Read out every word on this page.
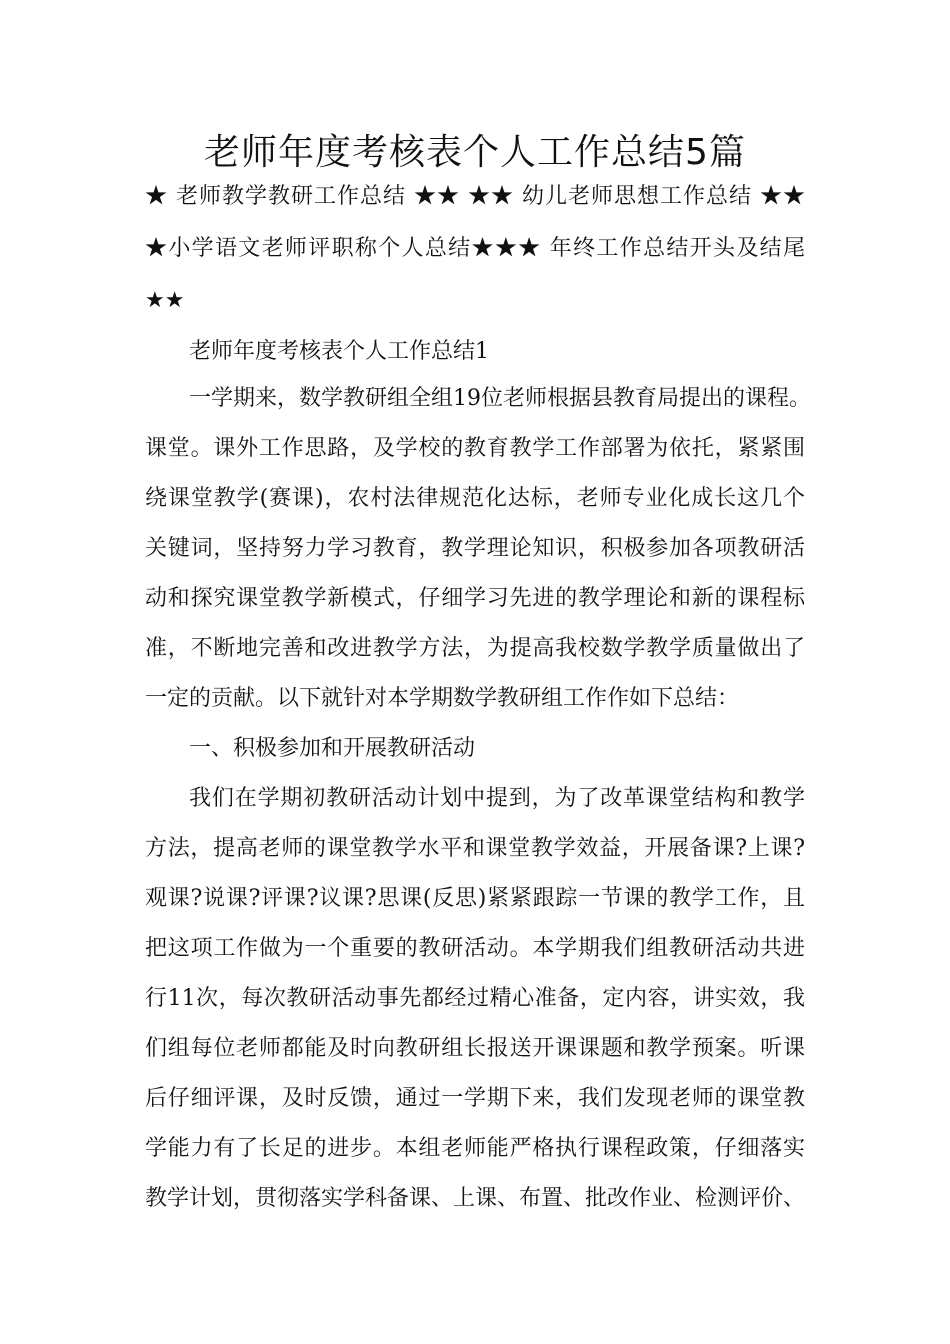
老师年度考核表个人工作总结5篇

★ 老师教学教研工作总结 ★★ ★★ 幼儿老师思想工作总结 ★★

★小学语文老师评职称个人总结★★★ 年终工作总结开头及结尾

★★

老师年度考核表个人工作总结1

一学期来，数学教研组全组19位老师根据县教育局提出的课程。

课堂。课外工作思路，及学校的教育教学工作部署为依托，紧紧围

绕课堂教学(赛课)，农村法律规范化达标，老师专业化成长这几个

关键词，坚持努力学习教育，教学理论知识，积极参加各项教研活

动和探究课堂教学新模式，仔细学习先进的教学理论和新的课程标

准，不断地完善和改进教学方法，为提高我校数学教学质量做出了

一定的贡献。以下就针对本学期数学教研组工作作如下总结：

一、积极参加和开展教研活动

我们在学期初教研活动计划中提到，为了改革课堂结构和教学

方法，提高老师的课堂教学水平和课堂教学效益，开展备课?上课?

观课?说课?评课?议课?思课(反思)紧紧跟踪一节课的教学工作，且

把这项工作做为一个重要的教研活动。本学期我们组教研活动共进

行11次，每次教研活动事先都经过精心准备，定内容，讲实效，我

们组每位老师都能及时向教研组长报送开课课题和教学预案。听课

后仔细评课，及时反馈，通过一学期下来，我们发现老师的课堂教

学能力有了长足的进步。本组老师能严格执行课程政策，仔细落实

教学计划，贯彻落实学科备课、上课、布置、批改作业、检测评价、
